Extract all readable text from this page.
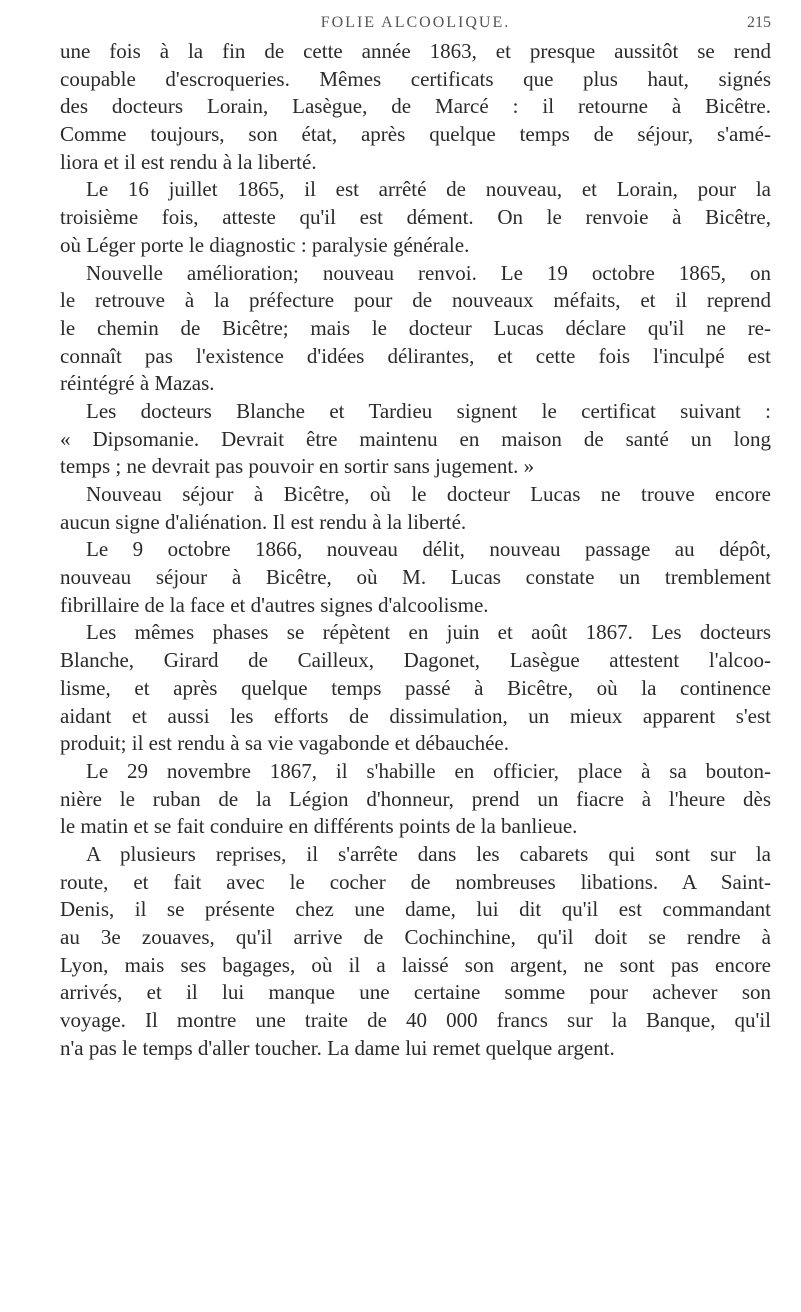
FOLIE ALCOOLIQUE.	215
une fois à la fin de cette année 1863, et presque aussitôt se rend
coupable d'escroqueries. Mêmes certificats que plus haut, signés
des docteurs Lorain, Lasègue, de Marcé : il retourne à Bicêtre.
Comme toujours, son état, après quelque temps de séjour, s'amé-
liora et il est rendu à la liberté.
Le 16 juillet 1865, il est arrêté de nouveau, et Lorain, pour la
troisième fois, atteste qu'il est dément. On le renvoie à Bicêtre,
où Léger porte le diagnostic : paralysie générale.
Nouvelle amélioration; nouveau renvoi. Le 19 octobre 1865, on
le retrouve à la préfecture pour de nouveaux méfaits, et il reprend
le chemin de Bicêtre; mais le docteur Lucas déclare qu'il ne re-
connaît pas l'existence d'idées délirantes, et cette fois l'inculpé est
réintégré à Mazas.
Les docteurs Blanche et Tardieu signent le certificat suivant :
« Dipsomanie. Devrait être maintenu en maison de santé un long
temps ; ne devrait pas pouvoir en sortir sans jugement. »
Nouveau séjour à Bicêtre, où le docteur Lucas ne trouve encore
aucun signe d'aliénation. Il est rendu à la liberté.
Le 9 octobre 1866, nouveau délit, nouveau passage au dépôt,
nouveau séjour à Bicêtre, où M. Lucas constate un tremblement
fibrillaire de la face et d'autres signes d'alcoolisme.
Les mêmes phases se répètent en juin et août 1867. Les docteurs
Blanche, Girard de Cailleux, Dagonet, Lasègue attestent l'alcoo-
lisme, et après quelque temps passé à Bicêtre, où la continence
aidant et aussi les efforts de dissimulation, un mieux apparent s'est
produit; il est rendu à sa vie vagabonde et débauchée.
Le 29 novembre 1867, il s'habille en officier, place à sa bouton-
nière le ruban de la Légion d'honneur, prend un fiacre à l'heure dès
le matin et se fait conduire en différents points de la banlieue.
A plusieurs reprises, il s'arrête dans les cabarets qui sont sur la
route, et fait avec le cocher de nombreuses libations. A Saint-
Denis, il se présente chez une dame, lui dit qu'il est commandant
au 3e zouaves, qu'il arrive de Cochinchine, qu'il doit se rendre à
Lyon, mais ses bagages, où il a laissé son argent, ne sont pas encore
arrivés, et il lui manque une certaine somme pour achever son
voyage. Il montre une traite de 40 000 francs sur la Banque, qu'il
n'a pas le temps d'aller toucher. La dame lui remet quelque argent.
